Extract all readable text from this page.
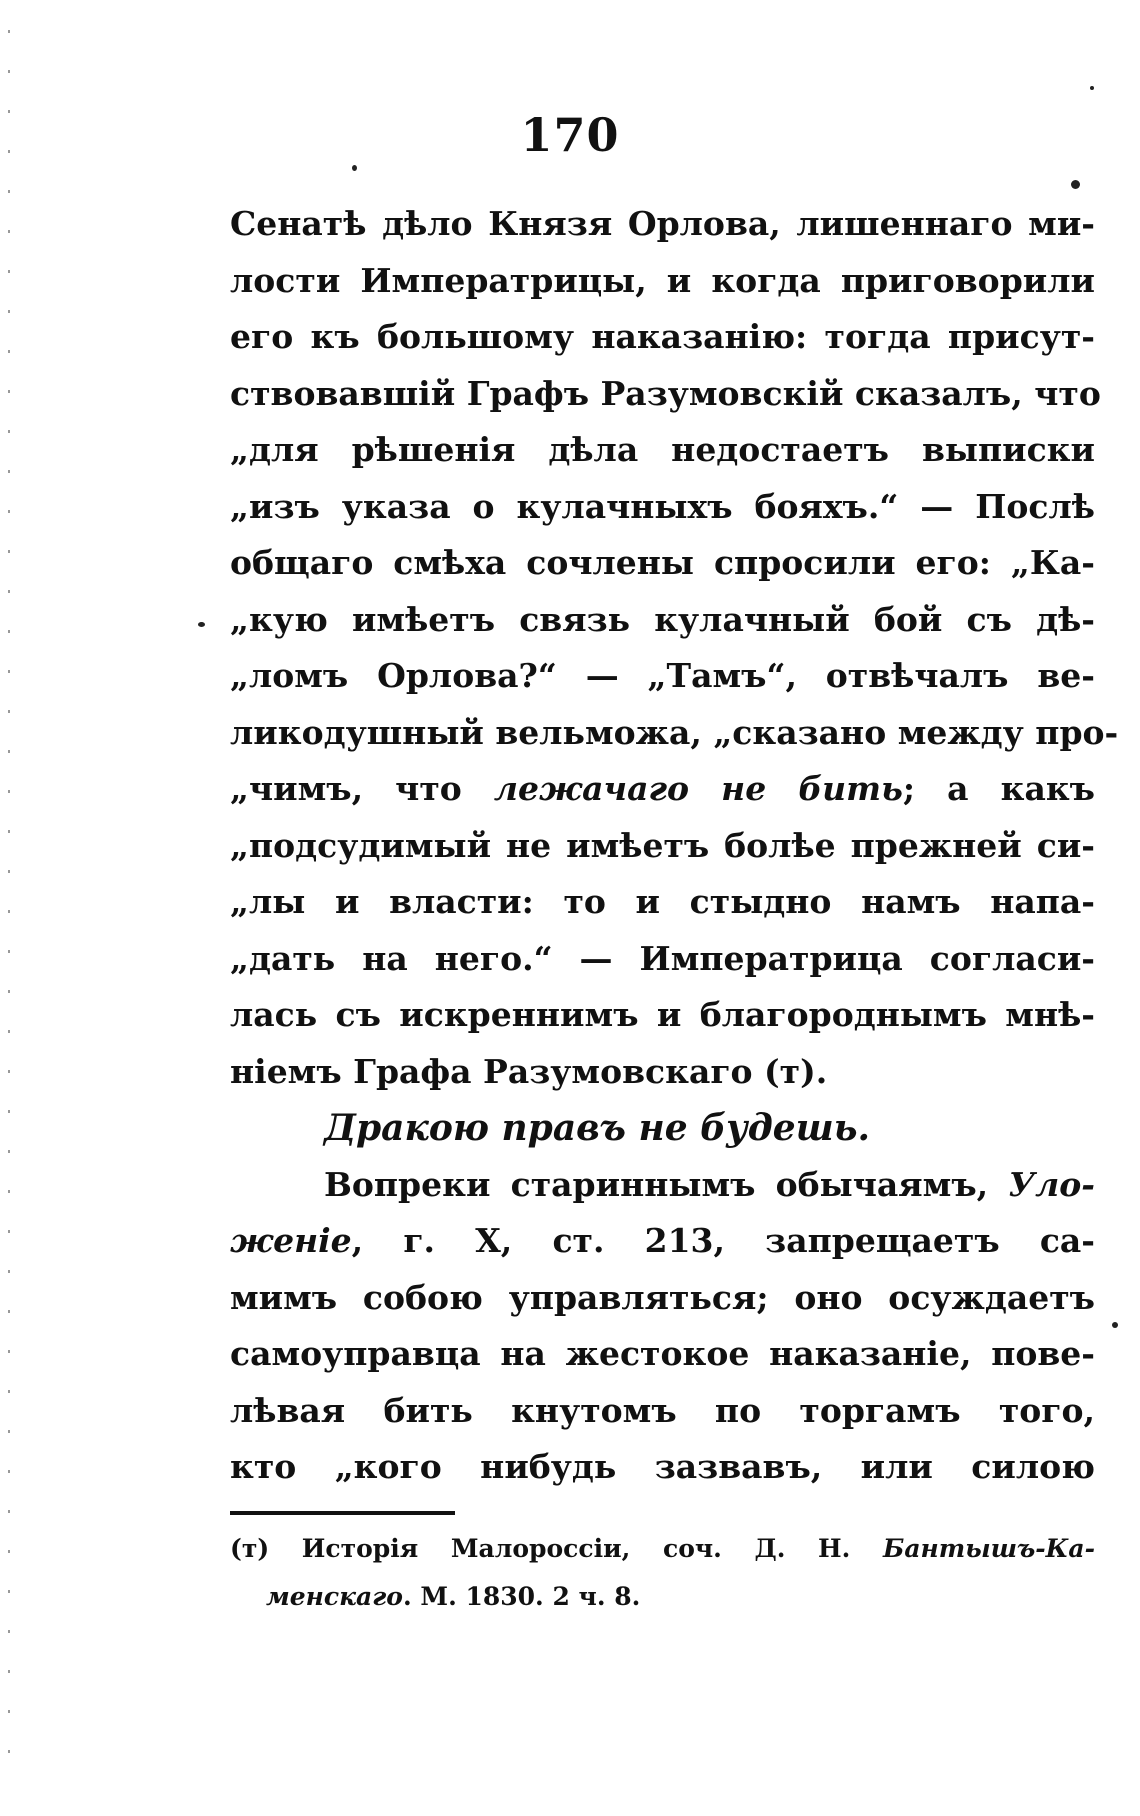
170
Сенатѣ дѣло Князя Орлова, лишеннаго ми-
лости Императрицы, и когда приговорили
его къ большому наказанію: тогда присут-
ствовавшій Графъ Разумовскій сказалъ, что
„для рѣшенія дѣла недостаетъ выписки
„изъ указа о кулачныхъ бояхъ.“ — Послѣ
общаго смѣха сочлены спросили его: „Ка-
„кую имѣетъ связь кулачный бой съ дѣ-
„ломъ Орлова?“ — „Тамъ“, отвѣчалъ ве-
ликодушный вельможа, „сказано между про-
„чимъ, что лежачаго не бить; а какъ
„подсудимый не имѣетъ болѣе прежней си-
„лы и власти: то и стыдно намъ напа-
„дать на него.“ — Императрица согласи-
лась съ искреннимъ и благороднымъ мнѣ-
ніемъ Графа Разумовскаго (т).
Дракою правъ не будешь.
Вопреки стариннымъ обычаямъ, Уло-
женіе, г. X, ст. 213, запрещаетъ са-
мимъ собою управляться; оно осуждаетъ
самоуправца на жестокое наказаніе, пове-
лѣвая бить кнутомъ по торгамъ того,
кто „кого нибудь зазвавъ, или силою
(т) Исторія Малороссіи, соч. Д. Н. Бантышъ-Ка-
менскаго. М. 1830. 2 ч. 8.
